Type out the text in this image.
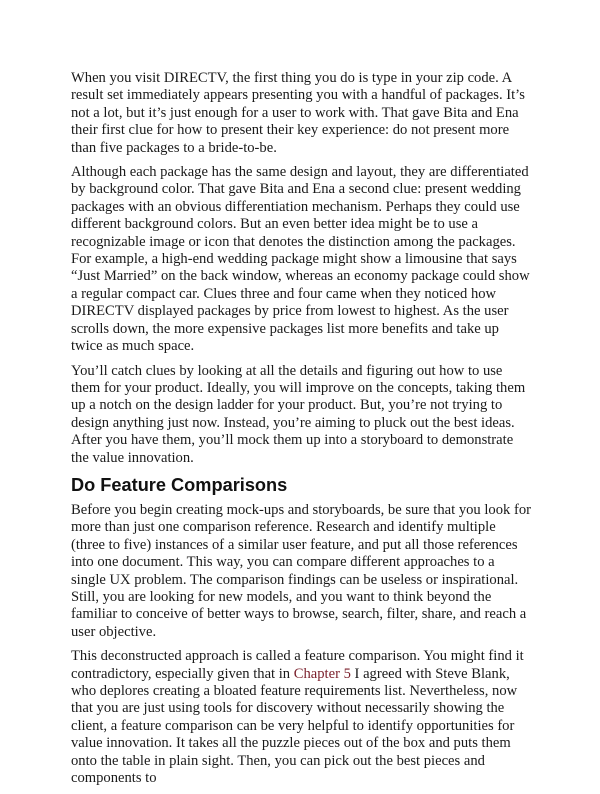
When you visit DIRECTV, the first thing you do is type in your zip code. A result set immediately appears presenting you with a handful of packages. It’s not a lot, but it’s just enough for a user to work with. That gave Bita and Ena their first clue for how to present their key experience: do not present more than five packages to a bride-to-be.

Although each package has the same design and layout, they are differentiated by background color. That gave Bita and Ena a second clue: present wedding packages with an obvious differentiation mechanism. Perhaps they could use different background colors. But an even better idea might be to use a recognizable image or icon that denotes the distinction among the packages. For example, a high-end wedding package might show a limousine that says “Just Married” on the back window, whereas an economy package could show a regular compact car. Clues three and four came when they noticed how DIRECTV displayed packages by price from lowest to highest. As the user scrolls down, the more expensive packages list more benefits and take up twice as much space.

You’ll catch clues by looking at all the details and figuring out how to use them for your product. Ideally, you will improve on the concepts, taking them up a notch on the design ladder for your product. But, you’re not trying to design anything just now. Instead, you’re aiming to pluck out the best ideas. After you have them, you’ll mock them up into a storyboard to demonstrate the value innovation.

Do Feature Comparisons

Before you begin creating mock-ups and storyboards, be sure that you look for more than just one comparison reference. Research and identify multiple (three to five) instances of a similar user feature, and put all those references into one document. This way, you can compare different approaches to a single UX problem. The comparison findings can be useless or inspirational. Still, you are looking for new models, and you want to think beyond the familiar to conceive of better ways to browse, search, filter, share, and reach a user objective.

This deconstructed approach is called a feature comparison. You might find it contradictory, especially given that in Chapter 5 I agreed with Steve Blank, who deplores creating a bloated feature requirements list. Nevertheless, now that you are just using tools for discovery without necessarily showing the client, a feature comparison can be very helpful to identify opportunities for value innovation. It takes all the puzzle pieces out of the box and puts them onto the table in plain sight. Then, you can pick out the best pieces and components to
